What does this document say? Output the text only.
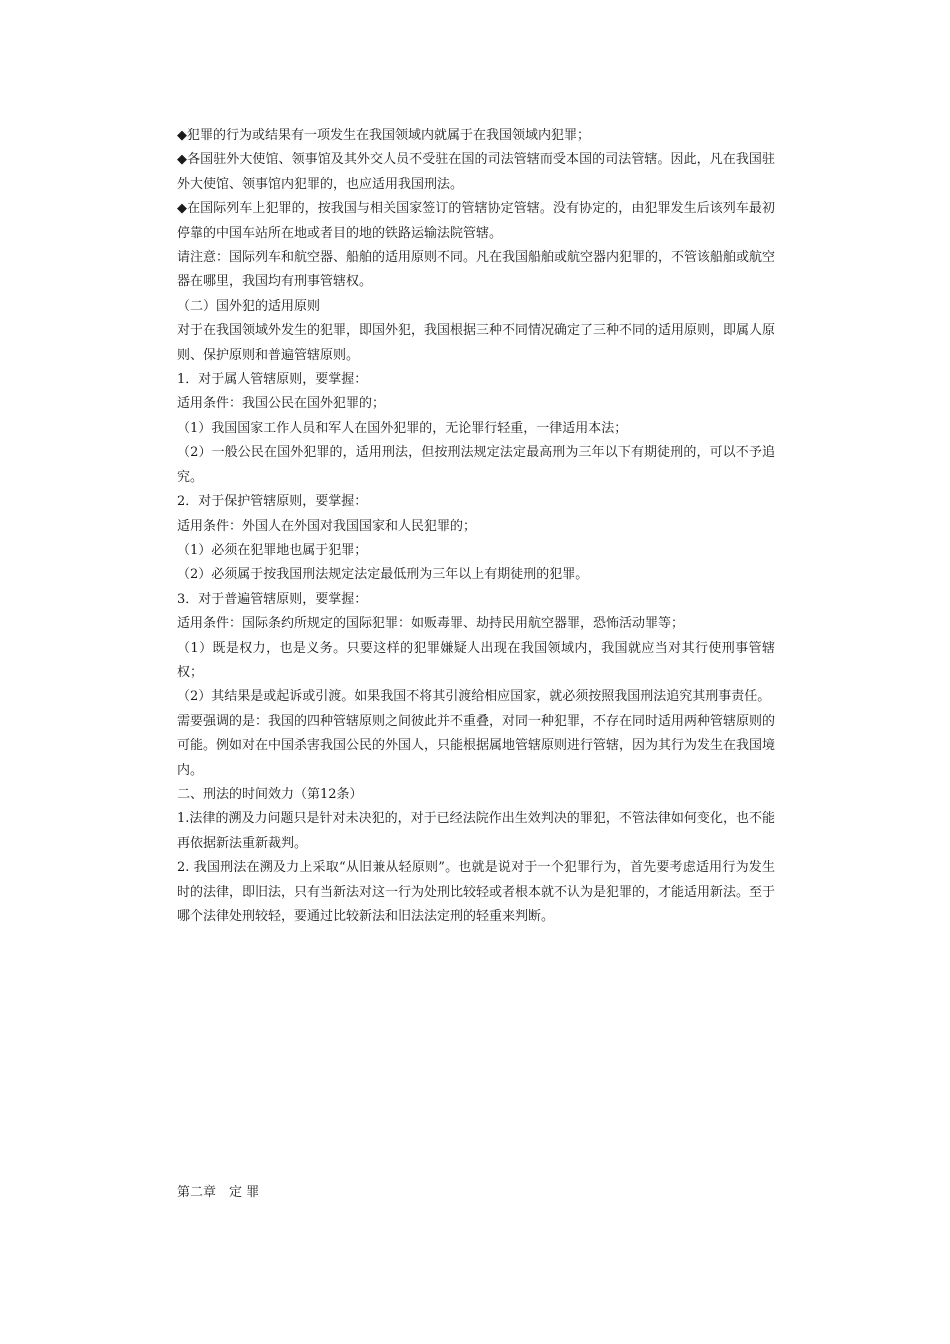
◆犯罪的行为或结果有一项发生在我国领域内就属于在我国领域内犯罪；

◆各国驻外大使馆、领事馆及其外交人员不受驻在国的司法管辖而受本国的司法管辖。因此，凡在我国驻外大使馆、领事馆内犯罪的，也应适用我国刑法。

◆在国际列车上犯罪的，按我国与相关国家签订的管辖协定管辖。没有协定的，由犯罪发生后该列车最初停靠的中国车站所在地或者目的地的铁路运输法院管辖。

请注意：国际列车和航空器、船舶的适用原则不同。凡在我国船舶或航空器内犯罪的，不管该船舶或航空器在哪里，我国均有刑事管辖权。

（二）国外犯的适用原则

对于在我国领域外发生的犯罪，即国外犯，我国根据三种不同情况确定了三种不同的适用原则，即属人原则、保护原则和普遍管辖原则。

1．对于属人管辖原则，要掌握：

适用条件：我国公民在国外犯罪的；

（1）我国国家工作人员和军人在国外犯罪的，无论罪行轻重，一律适用本法；

（2）一般公民在国外犯罪的，适用刑法，但按刑法规定法定最高刑为三年以下有期徒刑的，可以不予追究。

2．对于保护管辖原则，要掌握：

适用条件：外国人在外国对我国国家和人民犯罪的；

（1）必须在犯罪地也属于犯罪；

（2）必须属于按我国刑法规定法定最低刑为三年以上有期徒刑的犯罪。

3．对于普遍管辖原则，要掌握：

适用条件：国际条约所规定的国际犯罪：如贩毒罪、劫持民用航空器罪，恐怖活动罪等；

（1）既是权力，也是义务。只要这样的犯罪嫌疑人出现在我国领域内，我国就应当对其行使刑事管辖权；

（2）其结果是或起诉或引渡。如果我国不将其引渡给相应国家，就必须按照我国刑法追究其刑事责任。

需要强调的是：我国的四种管辖原则之间彼此并不重叠，对同一种犯罪，不存在同时适用两种管辖原则的可能。例如对在中国杀害我国公民的外国人，只能根据属地管辖原则进行管辖，因为其行为发生在我国境内。

二、刑法的时间效力（第12条）

1.法律的溯及力问题只是针对未决犯的，对于已经法院作出生效判决的罪犯，不管法律如何变化，也不能再依据新法重新裁判。

2. 我国刑法在溯及力上采取“从旧兼从轻原则”。也就是说对于一个犯罪行为，首先要考虑适用行为发生时的法律，即旧法，只有当新法对这一行为处刑比较轻或者根本就不认为是犯罪的，才能适用新法。至于哪个法律处刑较轻，要通过比较新法和旧法法定刑的轻重来判断。

第二章　定 罪
